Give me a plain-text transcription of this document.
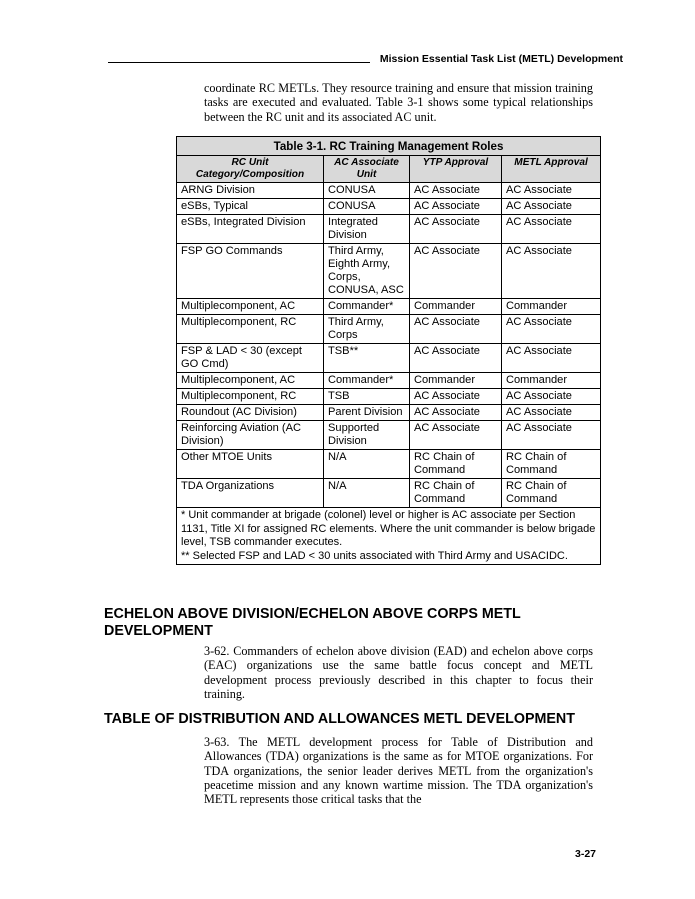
Mission Essential Task List (METL) Development
coordinate RC METLs. They resource training and ensure that mission training tasks are executed and evaluated. Table 3-1 shows some typical relationships between the RC unit and its associated AC unit.
Table 3-1. RC Training Management Roles			
RC Unit Category/Composition	AC Associate Unit	YTP Approval	METL Approval
ARNG Division	CONUSA	AC Associate	AC Associate
eSBs, Typical	CONUSA	AC Associate	AC Associate
eSBs, Integrated Division	Integrated Division	AC Associate	AC Associate
FSP GO Commands	Third Army, Eighth Army, Corps, CONUSA, ASC	AC Associate	AC Associate
Multiplecomponent, AC	Commander*	Commander	Commander
Multiplecomponent, RC	Third Army, Corps	AC Associate	AC Associate
FSP & LAD < 30 (except GO Cmd)	TSB**	AC Associate	AC Associate
Multiplecomponent, AC	Commander*	Commander	Commander
Multiplecomponent, RC	TSB	AC Associate	AC Associate
Roundout (AC Division)	Parent Division	AC Associate	AC Associate
Reinforcing Aviation (AC Division)	Supported Division	AC Associate	AC Associate
Other MTOE Units	N/A	RC Chain of Command	RC Chain of Command
TDA Organizations	N/A	RC Chain of Command	RC Chain of Command

* Unit commander at brigade (colonel) level or higher is AC associate per Section 1131, Title XI for assigned RC elements. Where the unit commander is below brigade level, TSB commander executes.
** Selected FSP and LAD < 30 units associated with Third Army and USACIDC.			
ECHELON ABOVE DIVISION/ECHELON ABOVE CORPS METL DEVELOPMENT
3-62. Commanders of echelon above division (EAD) and echelon above corps (EAC) organizations use the same battle focus concept and METL development process previously described in this chapter to focus their training.
TABLE OF DISTRIBUTION AND ALLOWANCES METL DEVELOPMENT
3-63. The METL development process for Table of Distribution and Allowances (TDA) organizations is the same as for MTOE organizations. For TDA organizations, the senior leader derives METL from the organization's peacetime mission and any known wartime mission. The TDA organization's METL represents those critical tasks that the
3-27
